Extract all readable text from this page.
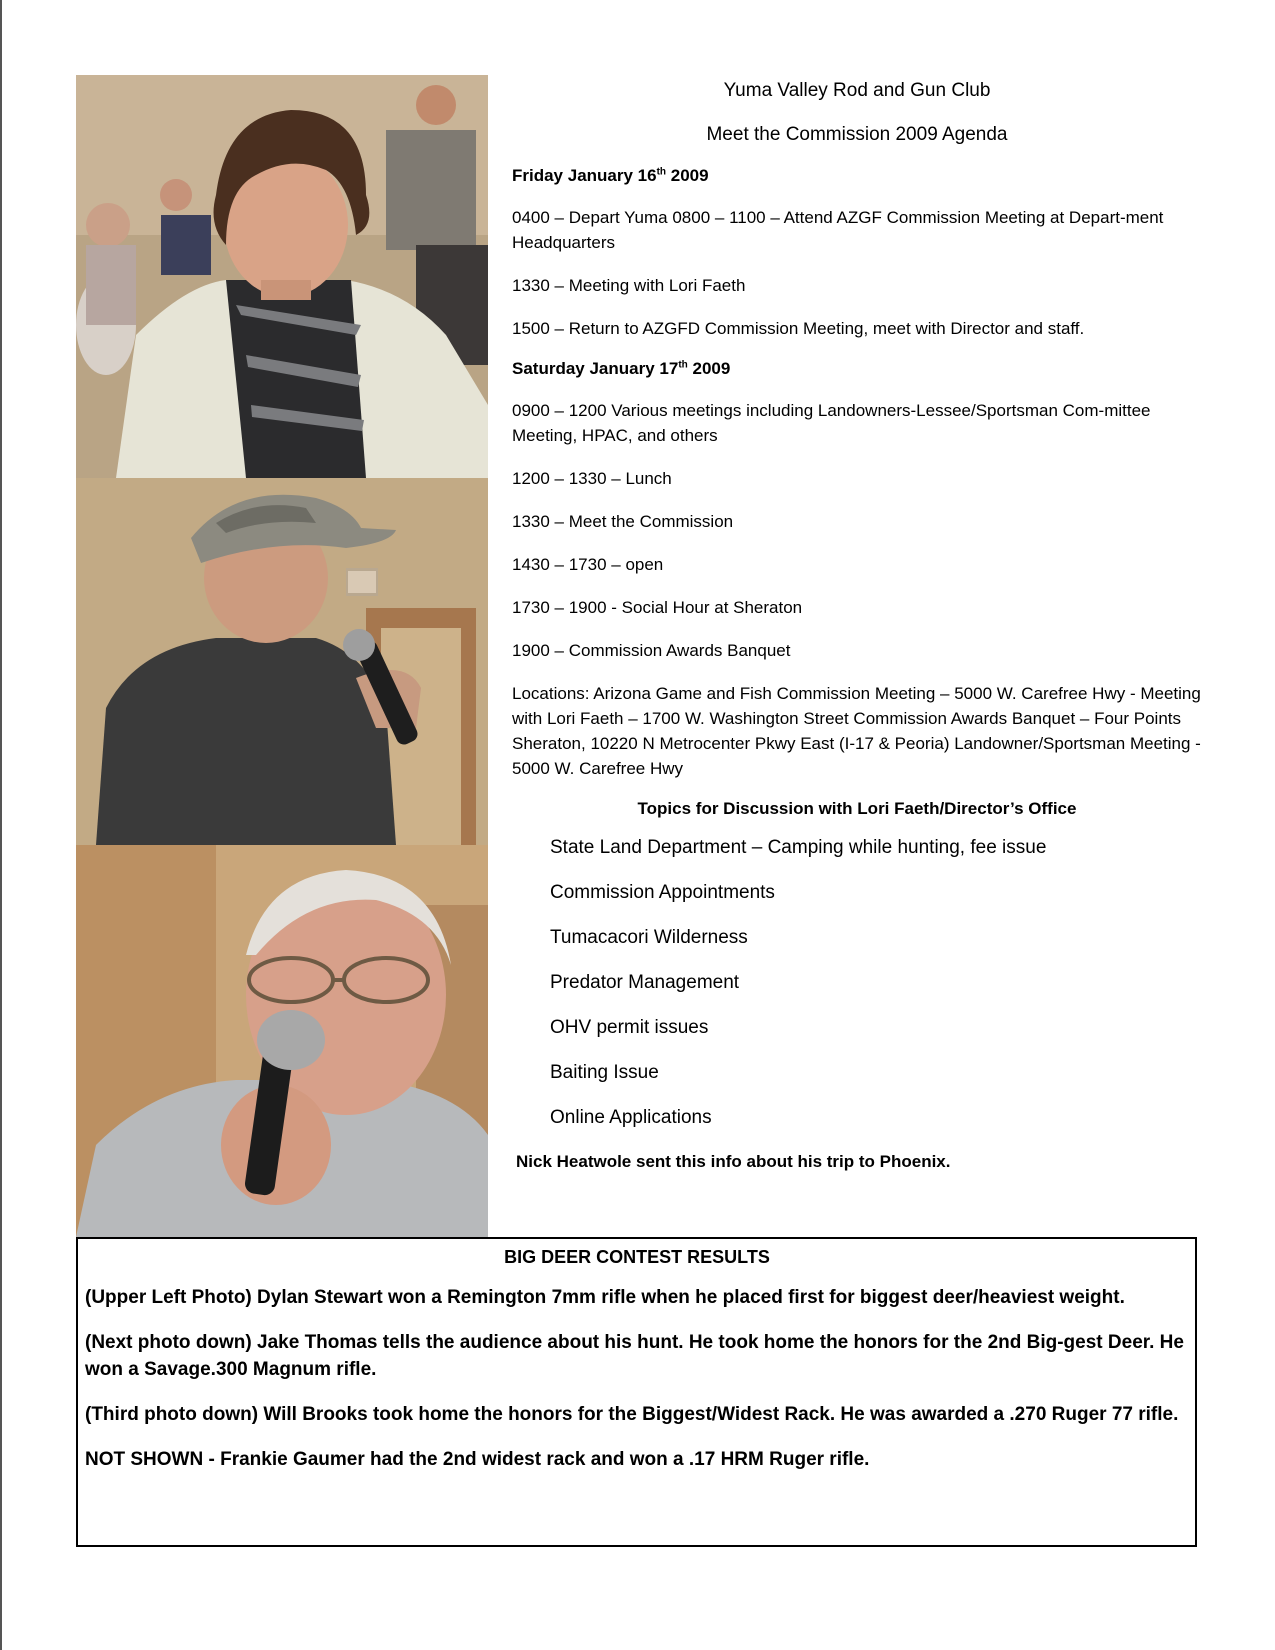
Yuma Valley Rod and Gun Club
Meet the Commission 2009 Agenda
Friday January 16th 2009
0400 – Depart Yuma 0800 – 1100 – Attend AZGF Commission Meeting at Depart-ment Headquarters
1330 – Meeting with Lori Faeth
1500 – Return to AZGFD Commission Meeting, meet with Director and staff.
Saturday January 17th 2009
0900 – 1200 Various meetings including Landowners-Lessee/Sportsman Com-mittee Meeting, HPAC, and others
1200 – 1330 – Lunch
1330 – Meet the Commission
1430 – 1730 – open
1730 – 1900 - Social Hour at Sheraton
1900 – Commission Awards Banquet
Locations: Arizona Game and Fish Commission Meeting – 5000 W. Carefree Hwy - Meeting with Lori Faeth – 1700 W. Washington Street Commission Awards Banquet – Four Points Sheraton, 10220 N Metrocenter Pkwy East (I-17 & Peoria) Landowner/Sportsman Meeting - 5000 W. Carefree Hwy
Topics for Discussion with Lori Faeth/Director’s Office
State Land Department – Camping while hunting, fee issue
Commission Appointments
Tumacacori Wilderness
Predator Management
OHV permit issues
Baiting Issue
Online Applications
Nick Heatwole sent this info about his trip to Phoenix.
BIG DEER CONTEST RESULTS

(Upper Left Photo) Dylan Stewart won a Remington 7mm rifle when he placed first for biggest deer/heaviest weight.

(Next photo down) Jake Thomas tells the audience about his hunt. He took home the honors for the 2nd Big-gest Deer. He won a Savage.300 Magnum rifle.

(Third photo down) Will Brooks took home the honors for the Biggest/Widest Rack. He was awarded a .270 Ruger 77 rifle.

NOT SHOWN - Frankie Gaumer had the 2nd widest rack and won a .17 HRM Ruger rifle.
